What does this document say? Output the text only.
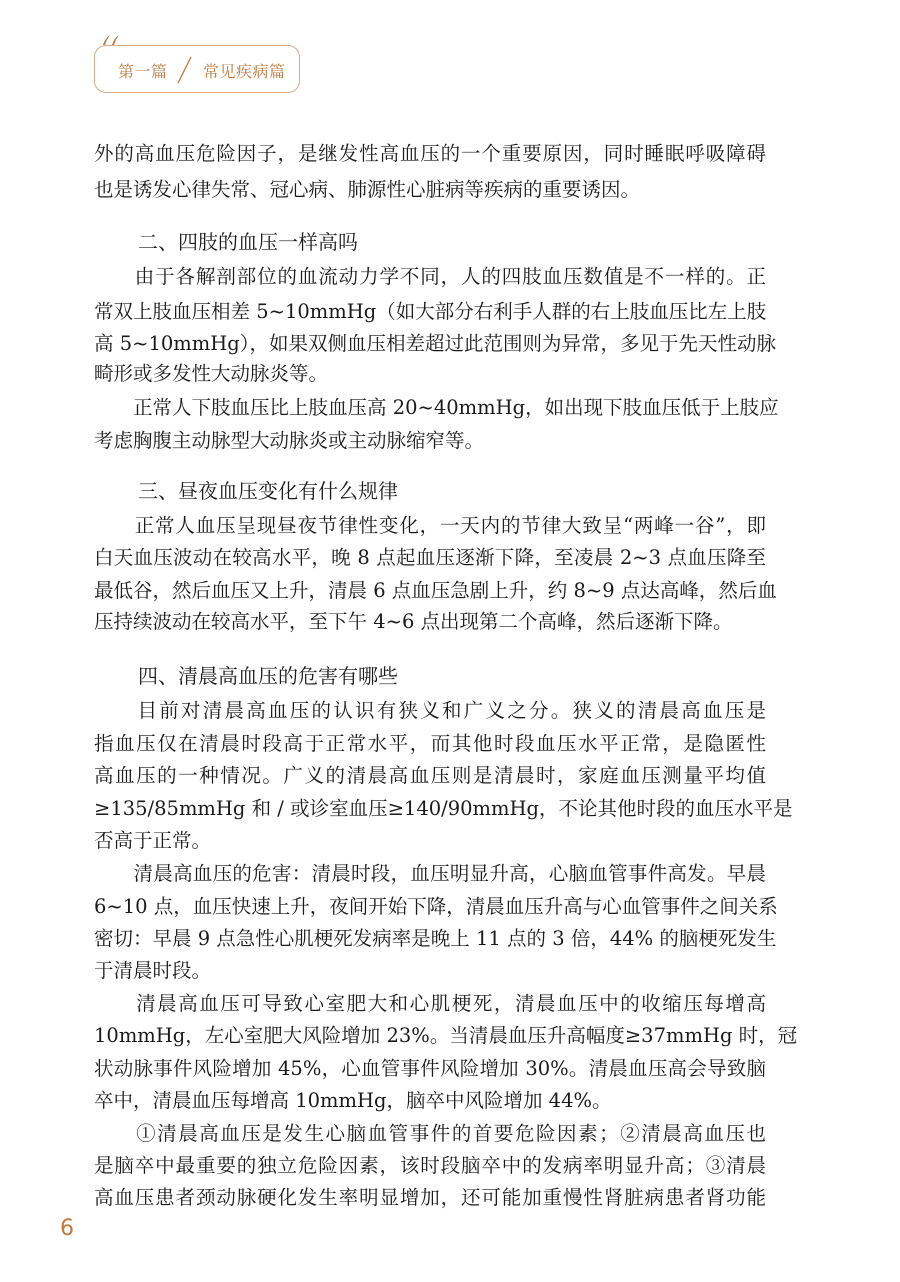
第一篇 常见疾病篇
外的高血压危险因子，是继发性高血压的一个重要原因，同时睡眠呼吸障碍
也是诱发心律失常、冠心病、肺源性心脏病等疾病的重要诱因。
二、四肢的血压一样高吗
　　由于各解剖部位的血流动力学不同，人的四肢血压数值是不一样的。正
常双上肢血压相差 5~10mmHg（如大部分右利手人群的右上肢血压比左上肢
高 5~10mmHg），如果双侧血压相差超过此范围则为异常，多见于先天性动脉
畸形或多发性大动脉炎等。
　　正常人下肢血压比上肢血压高 20~40mmHg，如出现下肢血压低于上肢应
考虑胸腹主动脉型大动脉炎或主动脉缩窄等。
三、昼夜血压变化有什么规律
　　正常人血压呈现昼夜节律性变化，一天内的节律大致呈“两峰一谷”，即
白天血压波动在较高水平，晚 8 点起血压逐渐下降，至凌晨 2~3 点血压降至
最低谷，然后血压又上升，清晨 6 点血压急剧上升，约 8~9 点达高峰，然后血
压持续波动在较高水平，至下午 4~6 点出现第二个高峰，然后逐渐下降。
四、清晨高血压的危害有哪些
　　目前对清晨高血压的认识有狭义和广义之分。狭义的清晨高血压是
指血压仅在清晨时段高于正常水平，而其他时段血压水平正常，是隐匿性
高血压的一种情况。广义的清晨高血压则是清晨时，家庭血压测量平均值
≥135/85mmHg 和 / 或诊室血压≥140/90mmHg，不论其他时段的血压水平是
否高于正常。
　　清晨高血压的危害：清晨时段，血压明显升高，心脑血管事件高发。早晨
6~10 点，血压快速上升，夜间开始下降，清晨血压升高与心血管事件之间关系
密切：早晨 9 点急性心肌梗死发病率是晚上 11 点的 3 倍，44% 的脑梗死发生
于清晨时段。
　　清晨高血压可导致心室肥大和心肌梗死，清晨血压中的收缩压每增高
10mmHg，左心室肥大风险增加 23%。当清晨血压升高幅度≥37mmHg 时，冠
状动脉事件风险增加 45%，心血管事件风险增加 30%。清晨血压高会导致脑
卒中，清晨血压每增高 10mmHg，脑卒中风险增加 44%。
　　①清晨高血压是发生心脑血管事件的首要危险因素；②清晨高血压也
是脑卒中最重要的独立危险因素，该时段脑卒中的发病率明显升高；③清晨
高血压患者颈动脉硬化发生率明显增加，还可能加重慢性肾脏病患者肾功能
6
